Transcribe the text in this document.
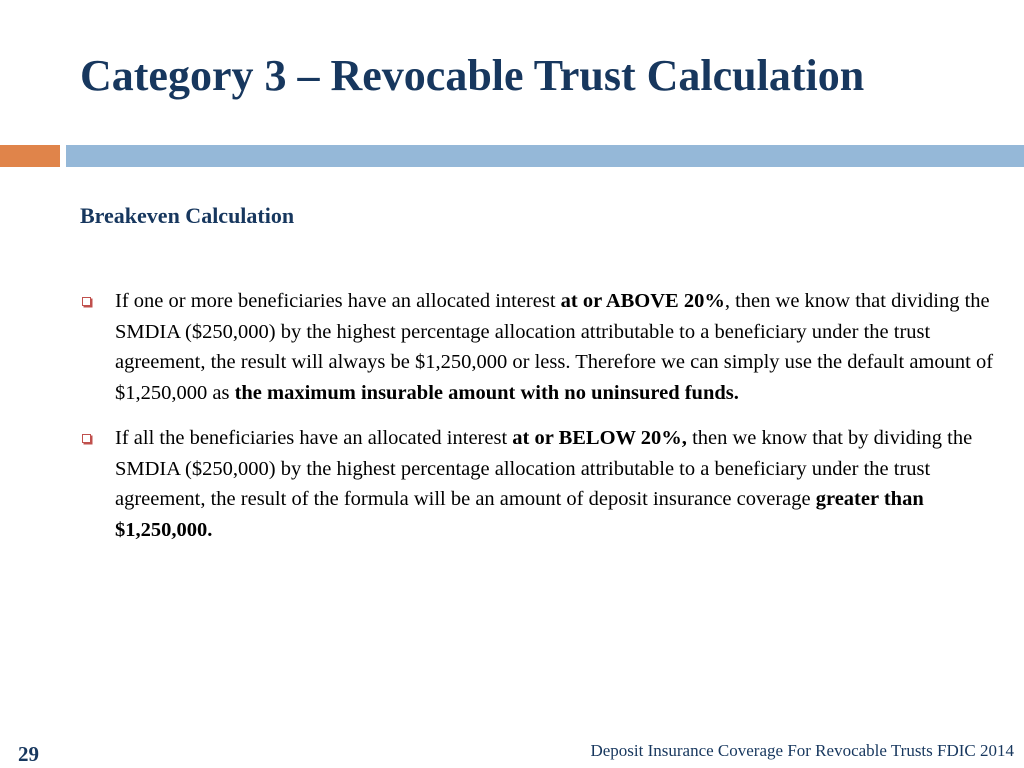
Category 3 – Revocable Trust Calculation
Breakeven Calculation
If one or more beneficiaries have an allocated interest at or ABOVE 20%, then we know that dividing the SMDIA ($250,000) by the highest percentage allocation attributable to a beneficiary under the trust agreement, the result will always be $1,250,000 or less. Therefore we can simply use the default amount of $1,250,000 as the maximum insurable amount with no uninsured funds.
If all the beneficiaries have an allocated interest at or BELOW 20%, then we know that by dividing the SMDIA ($250,000) by the highest percentage allocation attributable to a beneficiary under the trust agreement, the result of the formula will be an amount of deposit insurance coverage greater than $1,250,000.
29	Deposit Insurance Coverage For Revocable Trusts FDIC 2014
